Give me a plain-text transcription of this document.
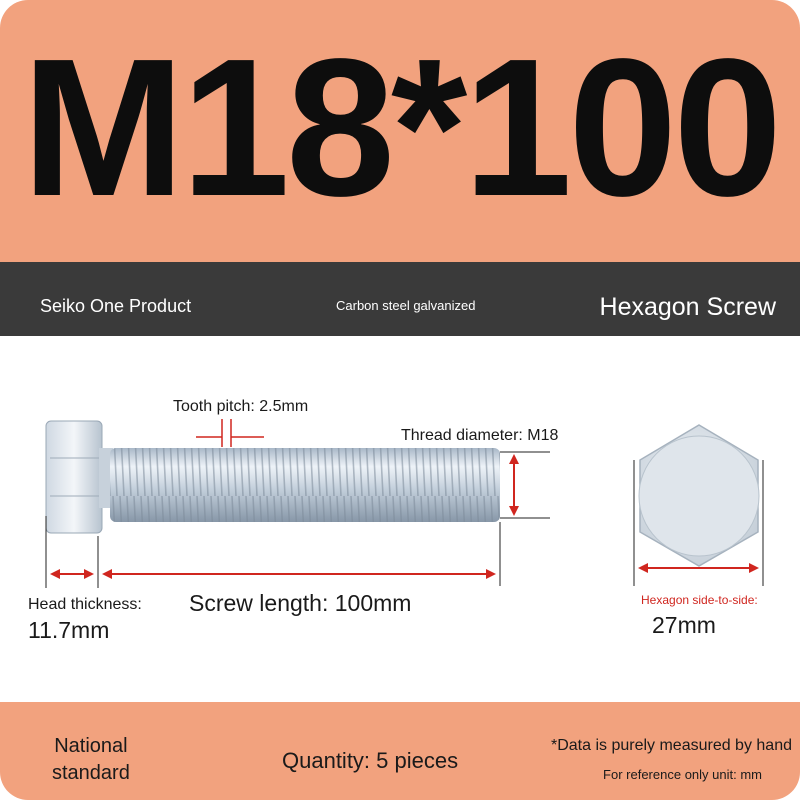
M18*100
Seiko One Product	Carbon steel galvanized	Hexagon Screw
Tooth pitch: 2.5mm
Thread diameter: M18
Head thickness:
11.7mm
Screw length: 100mm	Hexagon side-to-side:
27mm
National
standard	Quantity: 5 pieces
*Data is purely measured by hand
For reference only unit: mm
